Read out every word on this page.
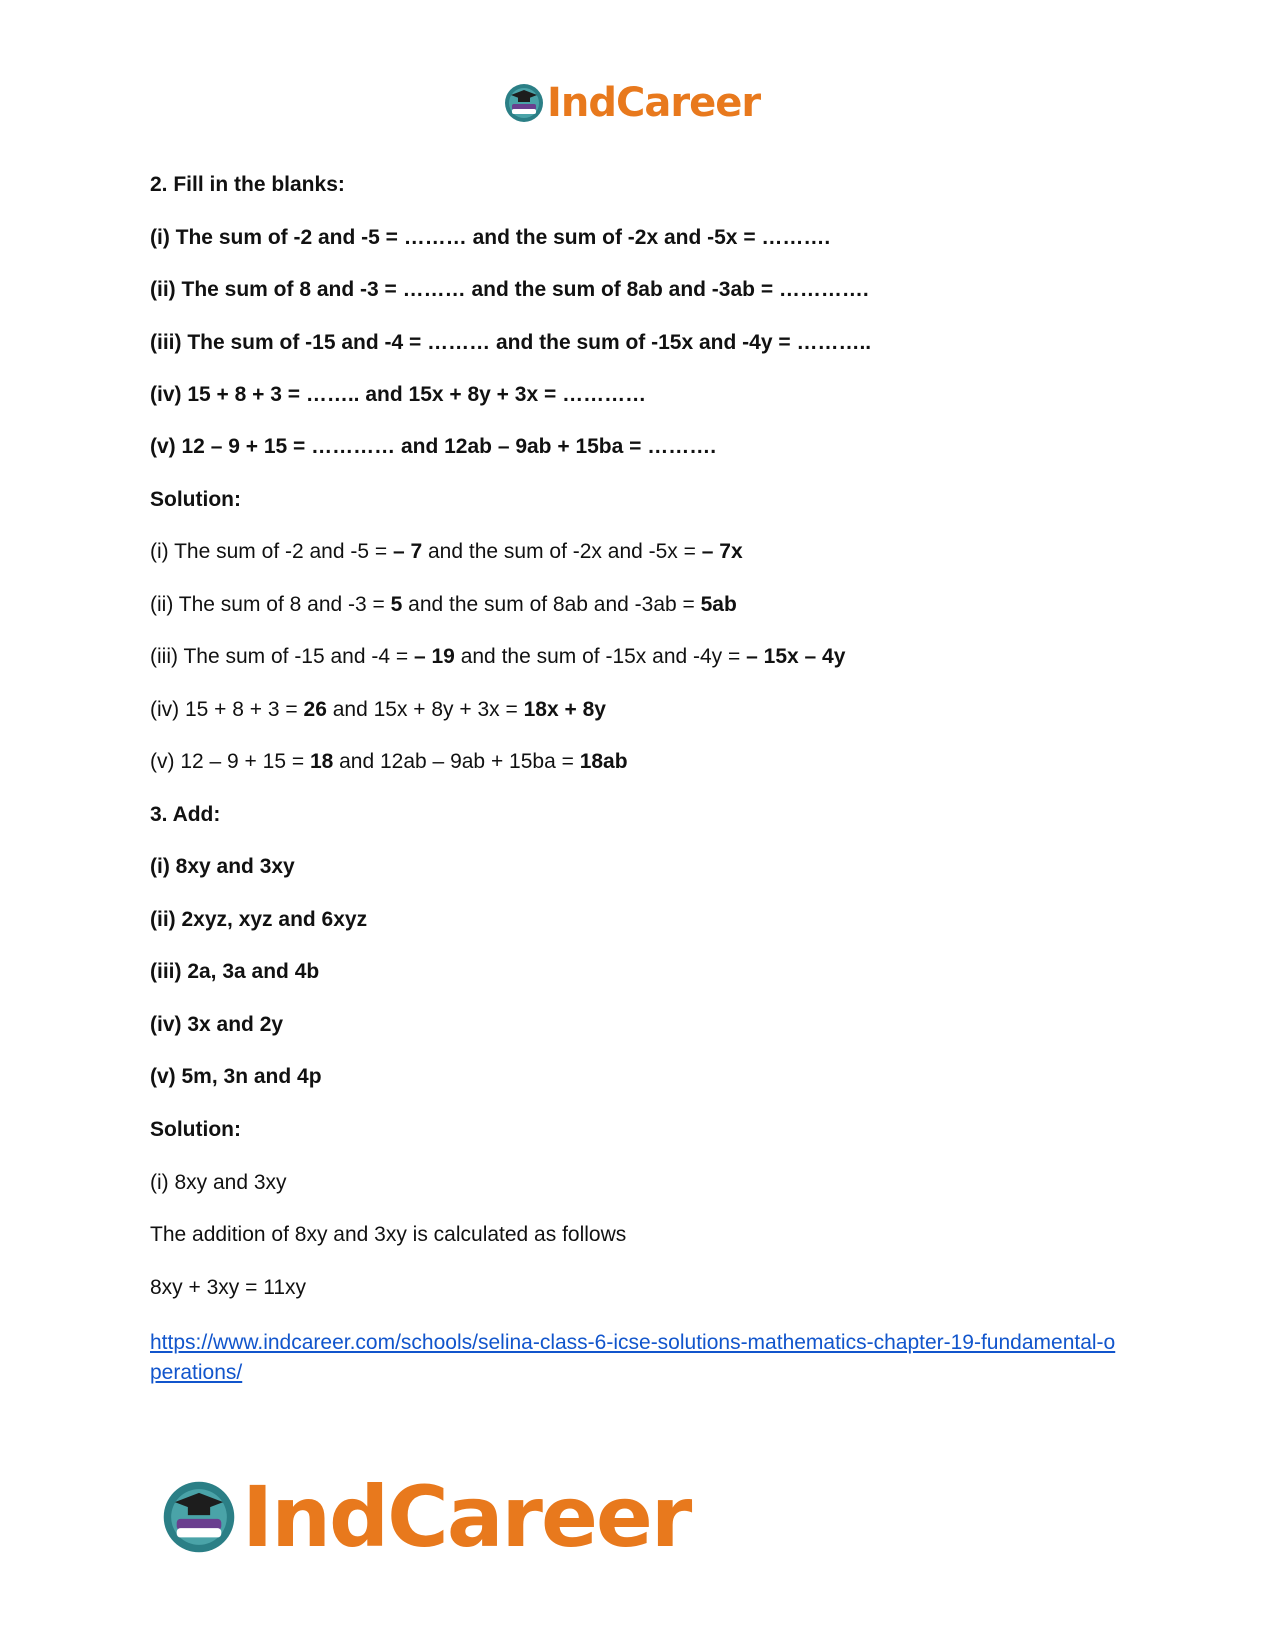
IndCareer
2. Fill in the blanks:
(i) The sum of -2 and -5 = ……… and the sum of -2x and -5x = ……….
(ii) The sum of 8 and -3 = ……… and the sum of 8ab and -3ab = ………….
(iii) The sum of -15 and -4 = ……… and the sum of -15x and -4y = ………..
(iv) 15 + 8 + 3 = …….. and 15x + 8y + 3x = …………
(v) 12 – 9 + 15 = ………… and 12ab – 9ab + 15ba = ……….
Solution:
(i) The sum of -2 and -5 = – 7 and the sum of -2x and -5x = – 7x
(ii) The sum of 8 and -3 = 5 and the sum of 8ab and -3ab = 5ab
(iii) The sum of -15 and -4 = – 19 and the sum of -15x and -4y = – 15x – 4y
(iv) 15 + 8 + 3 = 26 and 15x + 8y + 3x = 18x + 8y
(v) 12 – 9 + 15 = 18 and 12ab – 9ab + 15ba = 18ab
3. Add:
(i) 8xy and 3xy
(ii) 2xyz, xyz and 6xyz
(iii) 2a, 3a and 4b
(iv) 3x and 2y
(v) 5m, 3n and 4p
Solution:
(i) 8xy and 3xy
The addition of 8xy and 3xy is calculated as follows
8xy + 3xy = 11xy
https://www.indcareer.com/schools/selina-class-6-icse-solutions-mathematics-chapter-19-fundamental-operations/
IndCareer
